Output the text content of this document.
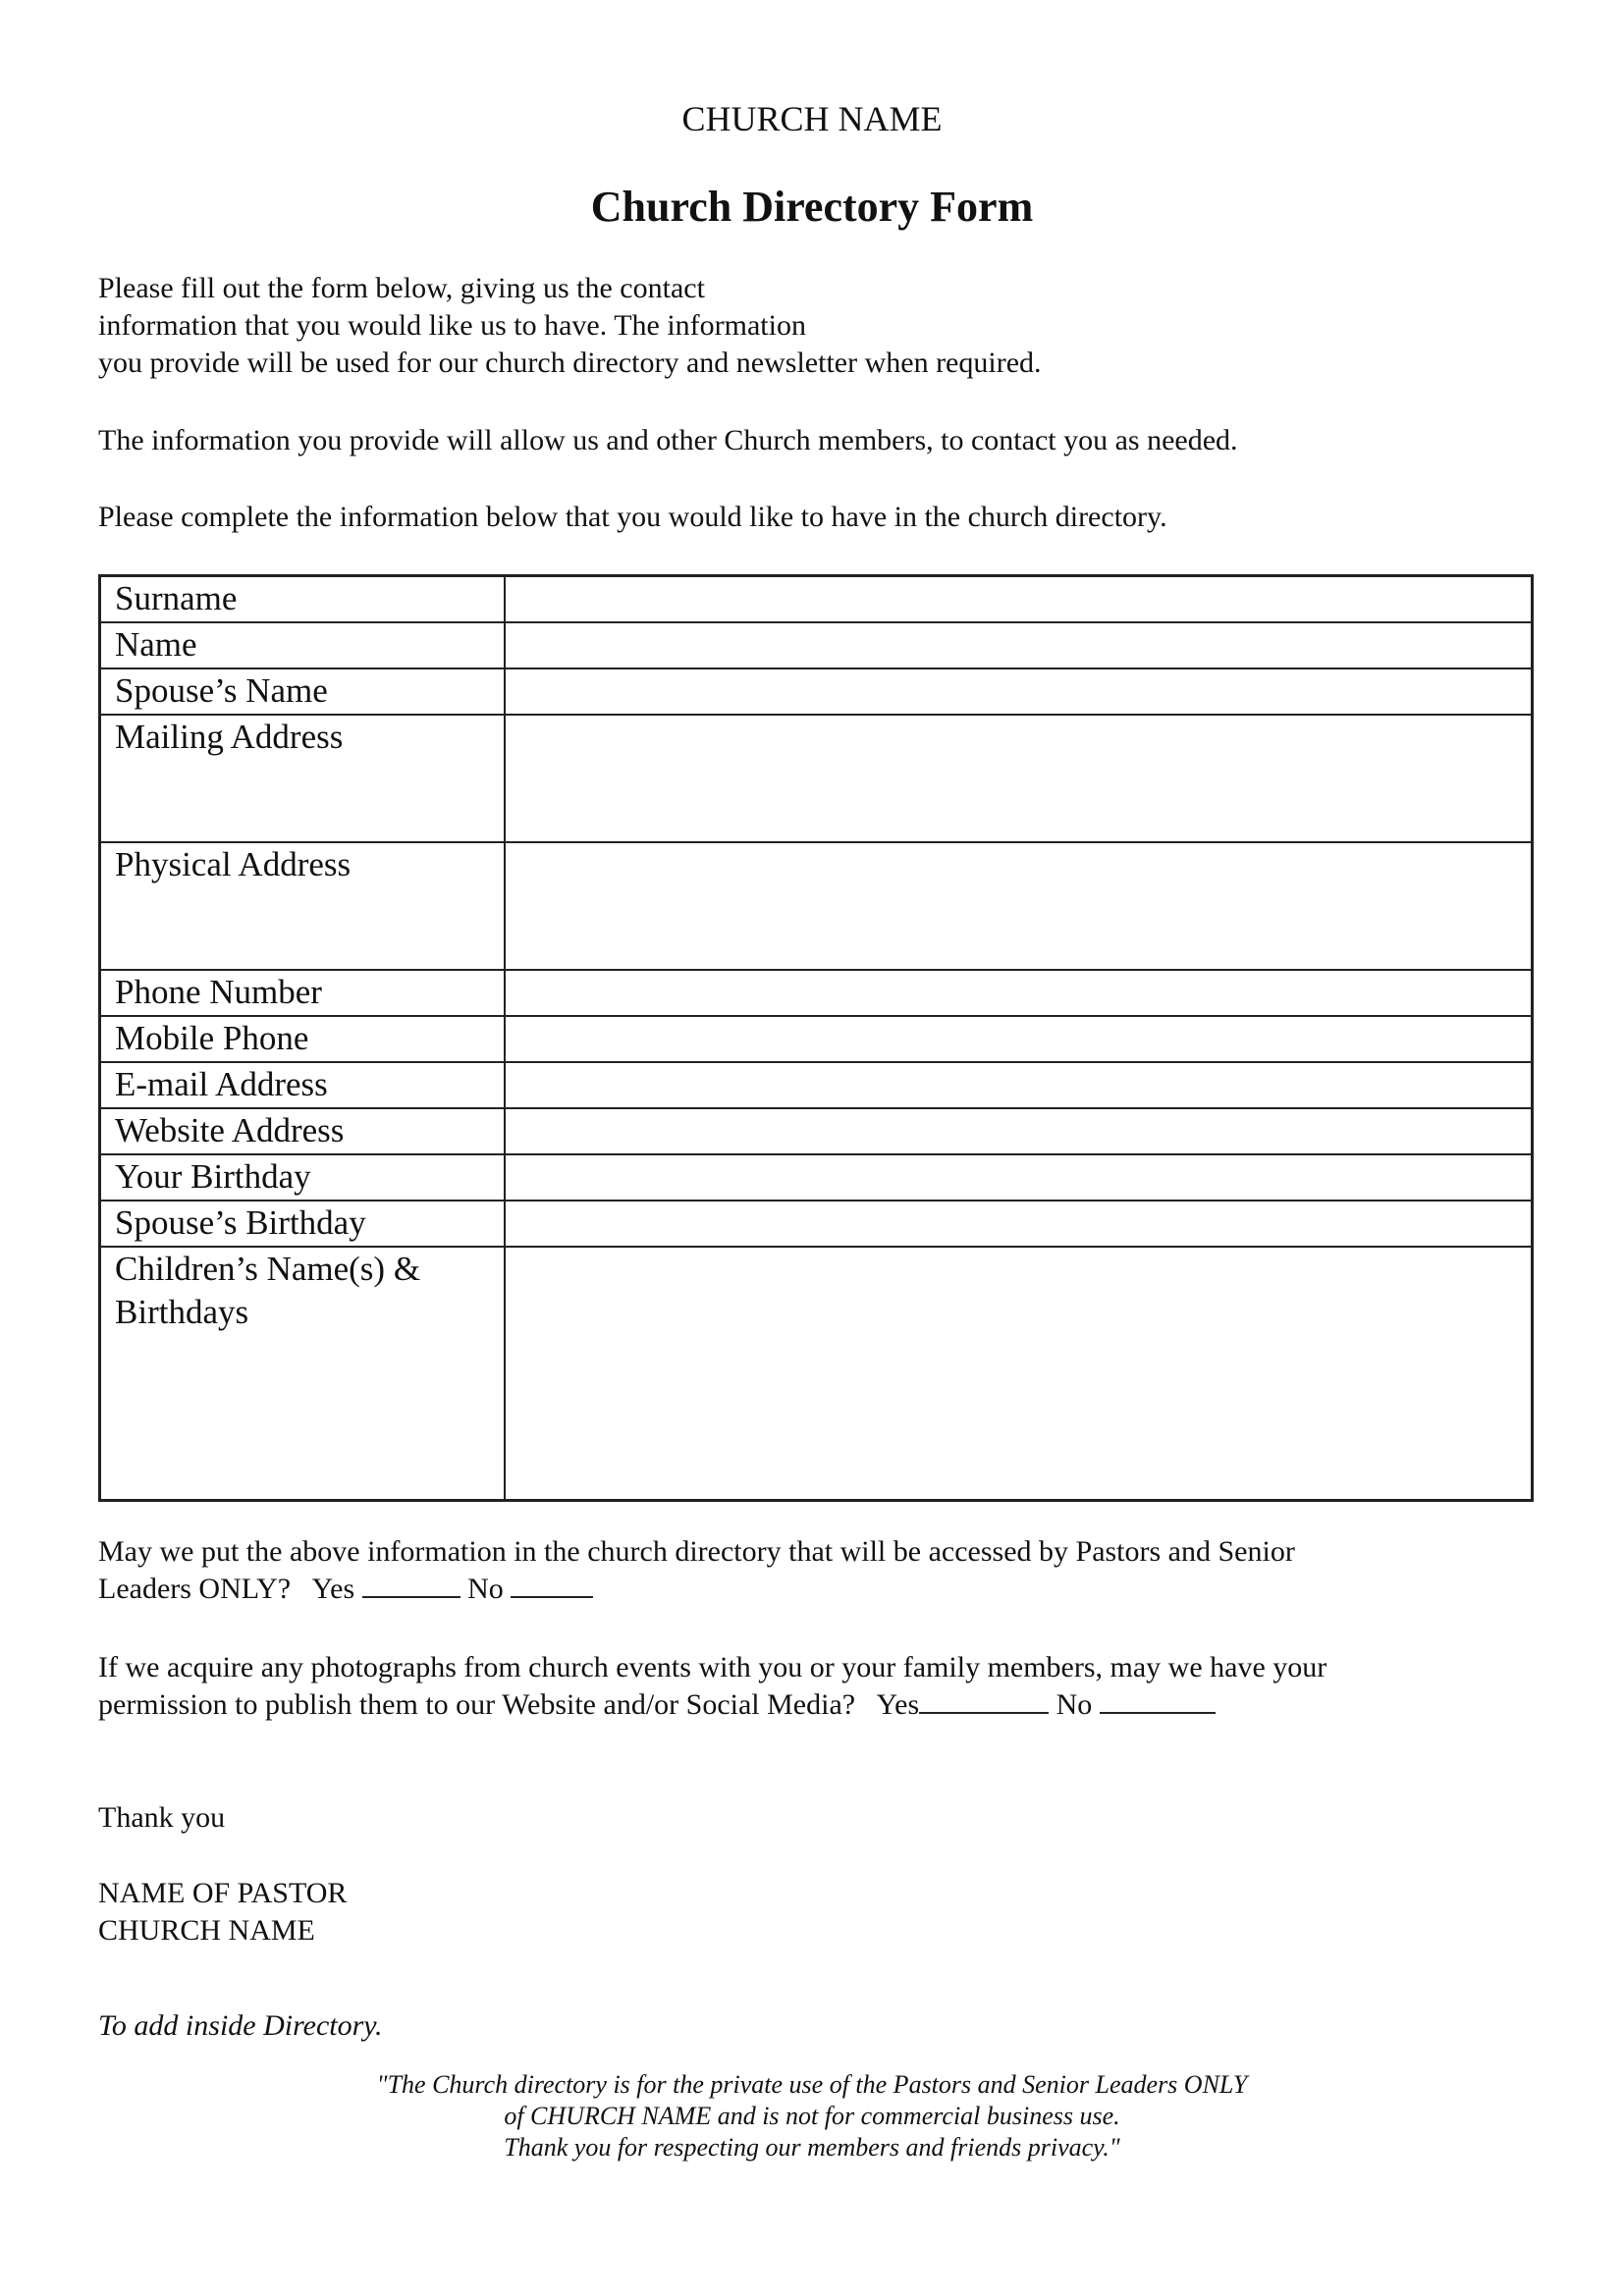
CHURCH NAME
Church Directory Form
Please fill out the form below, giving us the contact
information that you would like us to have. The information
you provide will be used for our church directory and newsletter when required.
The information you provide will allow us and other Church members, to contact you as needed.
Please complete the information below that you would like to have in the church directory.
Surname	
Name	
Spouse’s Name	
Mailing Address	
Physical Address	
Phone Number	
Mobile Phone	
E-mail Address	
Website Address	
Your Birthday	
Spouse’s Birthday	

Children’s Name(s) &
Birthdays

May we put the above information in the church directory that will be accessed by Pastors and Senior
Leaders ONLY? Yes	No
If we acquire any photographs from church events with you or your family members, may we have your
permission to publish them to our Website and/or Social Media? Yes	No
Thank you
NAME OF PASTOR
CHURCH NAME
To add inside Directory.
"The Church directory is for the private use of the Pastors and Senior Leaders ONLY
of CHURCH NAME and is not for commercial business use.
Thank you for respecting our members and friends privacy."
